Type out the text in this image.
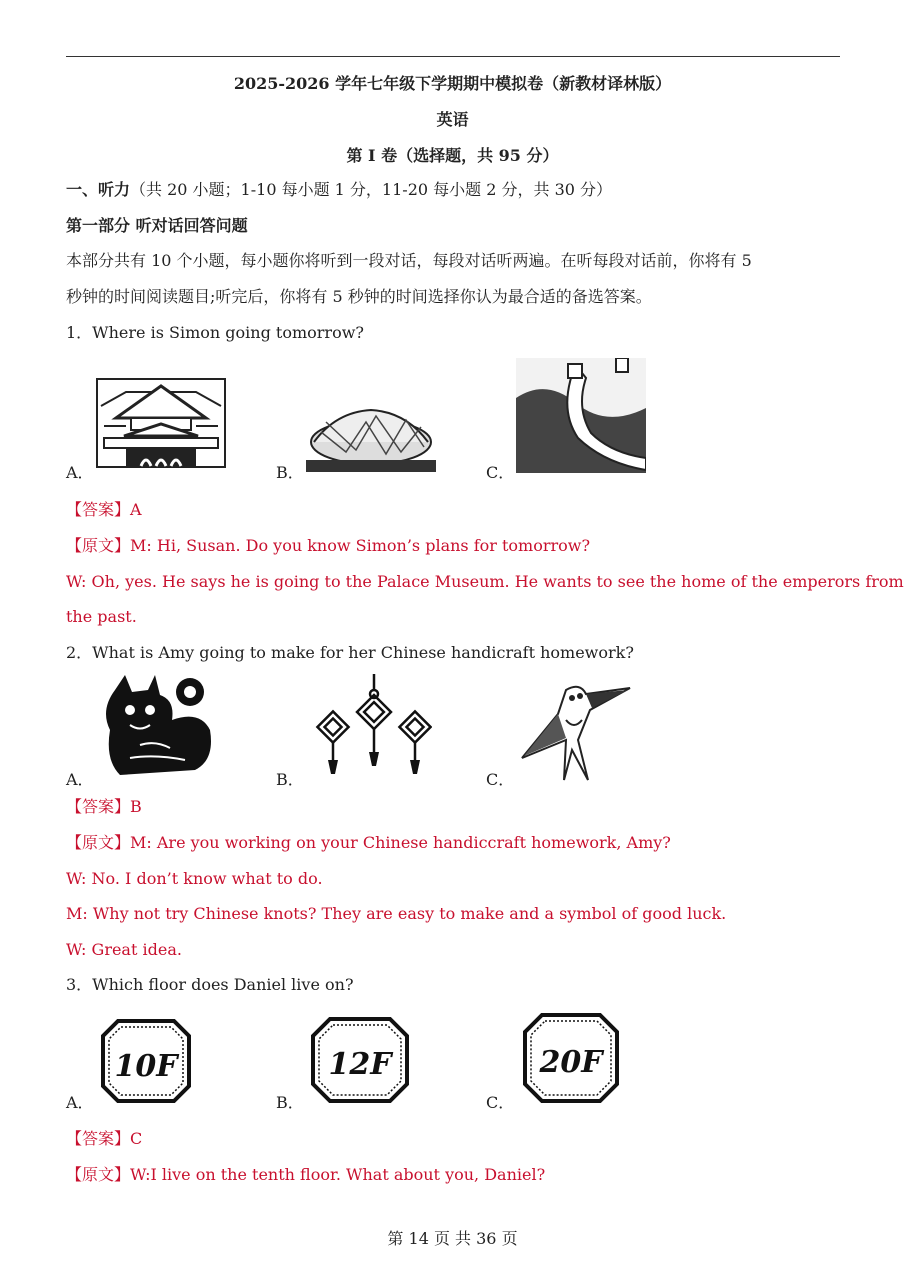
2025-2026 学年七年级下学期期中模拟卷（新教材译林版）
英语
第 I 卷（选择题，共 95 分）
一、听力（共 20 小题；1-10 每小题 1 分，11-20 每小题 2 分，共 30 分）
第一部分 听对话回答问题
本部分共有 10 个小题，每小题你将听到一段对话，每段对话听两遍。在听每段对话前，你将有 5
秒钟的时间阅读题目;听完后，你将有 5 秒钟的时间选择你认为最合适的备选答案。
1．Where is Simon going tomorrow?
A．	B．	C．
【答案】A
【原文】M: Hi, Susan. Do you know Simon’s plans for tomorrow?
W: Oh, yes. He says he is going to the Palace Museum. He wants to see the home of the emperors from
the past.
2．What is Amy going to make for her Chinese handicraft homework?
A．	B．	C．
【答案】B
【原文】M: Are you working on your Chinese handiccraft homework, Amy?
W: No. I don’t know what to do.
M: Why not try Chinese knots? They are easy to make and a symbol of good luck.
W: Great idea.
3．Which floor does Daniel live on?
A．
10F
B．
12F
C．
20F
【答案】C
【原文】W:I live on the tenth floor. What about you, Daniel?
第 14 页 共 36 页
